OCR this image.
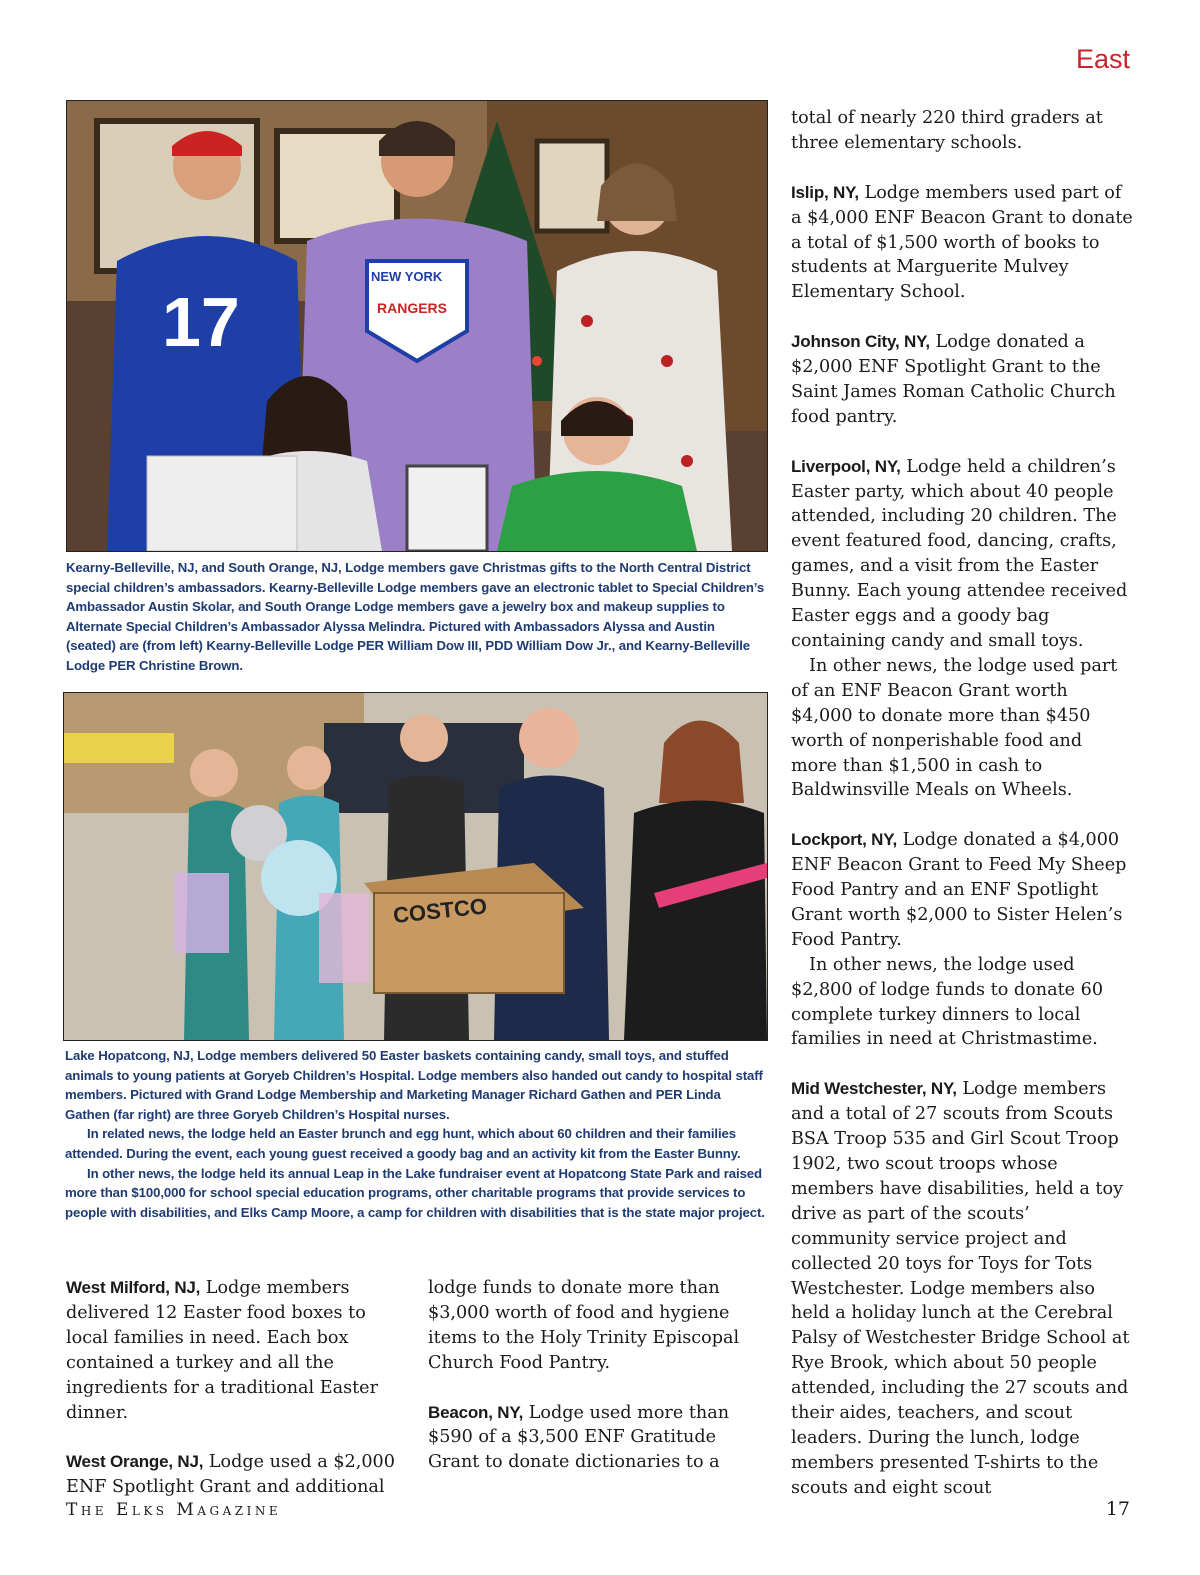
East
17
NEW YORK
RANGERS

Kearny-Belleville, NJ, and South Orange, NJ, Lodge members gave Christmas gifts to the North Central District special children’s ambassadors. Kearny-Belleville Lodge members gave an electronic tablet to Special Children’s Ambassador Austin Skolar, and South Orange Lodge members gave a jewelry box and makeup supplies to Alternate Special Children’s Ambassador Alyssa Melindra. Pictured with Ambassadors Alyssa and Austin (seated) are (from left) Kearny-Belleville Lodge PER William Dow III, PDD William Dow Jr., and Kearny-Belleville Lodge PER Christine Brown.

COSTCO

Lake Hopatcong, NJ, Lodge members delivered 50 Easter baskets containing candy, small toys, and stuffed animals to young patients at Goryeb Children’s Hospital. Lodge members also handed out candy to hospital staff members. Pictured with Grand Lodge Membership and Marketing Manager Richard Gathen and PER Linda Gathen (far right) are three Goryeb Children’s Hospital nurses.

In related news, the lodge held an Easter brunch and egg hunt, which about 60 children and their families attended. During the event, each young guest received a goody bag and an activity kit from the Easter Bunny.

In other news, the lodge held its annual Leap in the Lake fundraiser event at Hopatcong State Park and raised more than $100,000 for school special education programs, other charitable programs that provide services to people with disabilities, and Elks Camp Moore, a camp for children with disabilities that is the state major project.

West Milford, NJ, Lodge members delivered 12 Easter food boxes to local families in need. Each box contained a turkey and all the ingredients for a traditional Easter dinner.

West Orange, NJ, Lodge used a $2,000 ENF Spotlight Grant and additional

lodge funds to donate more than $3,000 worth of food and hygiene items to the Holy Trinity Episcopal Church Food Pantry.

Beacon, NY, Lodge used more than $590 of a $3,500 ENF Gratitude Grant to donate dictionaries to a

total of nearly 220 third graders at three elementary schools.

Islip, NY, Lodge members used part of a $4,000 ENF Beacon Grant to donate a total of $1,500 worth of books to students at Marguerite Mulvey Elementary School.

Johnson City, NY, Lodge donated a $2,000 ENF Spotlight Grant to the Saint James Roman Catholic Church food pantry.

Liverpool, NY, Lodge held a children’s Easter party, which about 40 people attended, including 20 children. The event featured food, dancing, crafts, games, and a visit from the Easter Bunny. Each young attendee received Easter eggs and a goody bag containing candy and small toys.

In other news, the lodge used part of an ENF Beacon Grant worth $4,000 to donate more than $450 worth of nonperishable food and more than $1,500 in cash to Baldwinsville Meals on Wheels.

Lockport, NY, Lodge donated a $4,000 ENF Beacon Grant to Feed My Sheep Food Pantry and an ENF Spotlight Grant worth $2,000 to Sister Helen’s Food Pantry.

In other news, the lodge used $2,800 of lodge funds to donate 60 complete turkey dinners to local families in need at Christmastime.

Mid Westchester, NY, Lodge members and a total of 27 scouts from Scouts BSA Troop 535 and Girl Scout Troop 1902, two scout troops whose members have disabilities, held a toy drive as part of the scouts’ community service project and collected 20 toys for Toys for Tots Westchester. Lodge members also held a holiday lunch at the Cerebral Palsy of Westchester Bridge School at Rye Brook, which about 50 people attended, including the 27 scouts and their aides, teachers, and scout leaders. During the lunch, lodge members presented T-shirts to the scouts and eight scout

The Elks Magazine	17
